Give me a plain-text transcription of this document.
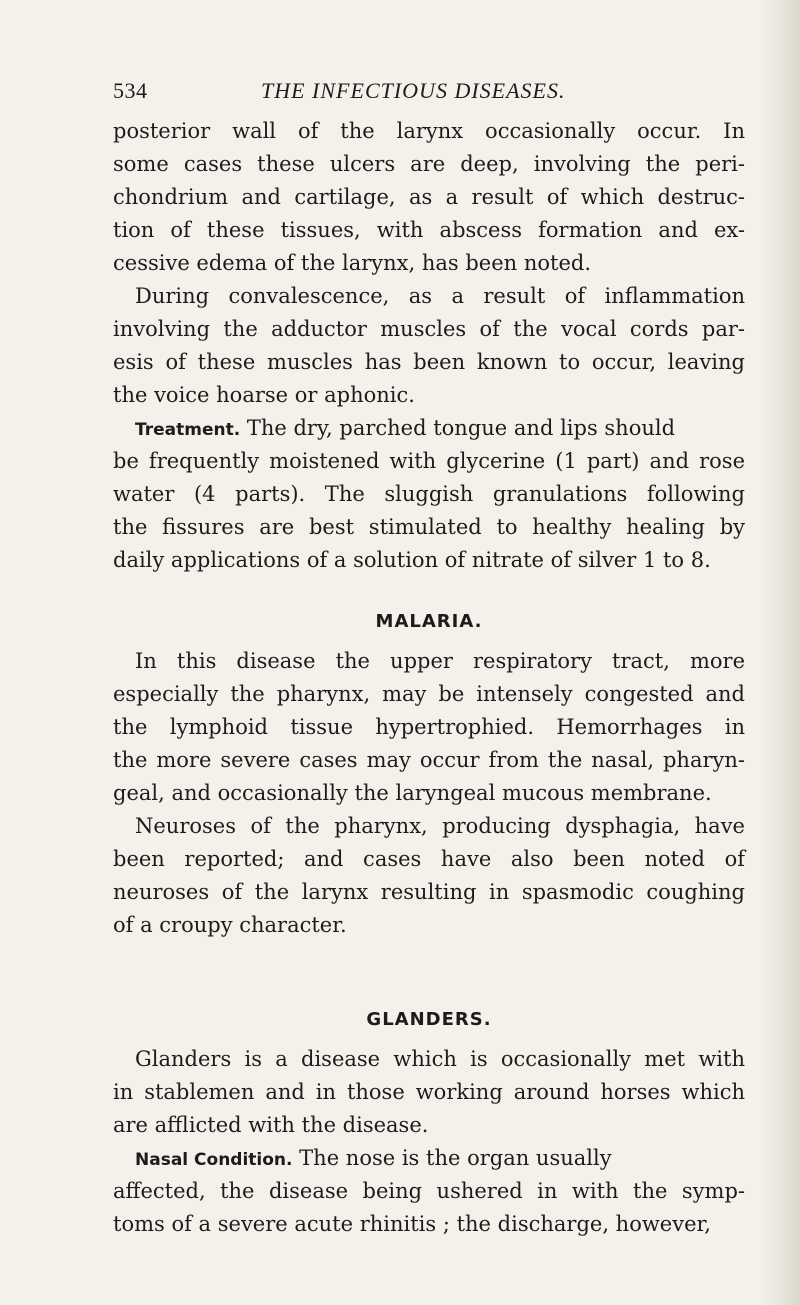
534	THE INFECTIOUS DISEASES.
posterior wall of the larynx occasionally occur. In
some cases these ulcers are deep, involving the peri-
chondrium and cartilage, as a result of which destruc-
tion of these tissues, with abscess formation and ex-
cessive edema of the larynx, has been noted.
During convalescence, as a result of inflammation
involving the adductor muscles of the vocal cords par-
esis of these muscles has been known to occur, leaving
the voice hoarse or aphonic.
Treatment. The dry, parched tongue and lips should
be frequently moistened with glycerine (1 part) and rose
water (4 parts). The sluggish granulations following
the fissures are best stimulated to healthy healing by
daily applications of a solution of nitrate of silver 1 to 8.
MALARIA.
In this disease the upper respiratory tract, more
especially the pharynx, may be intensely congested and
the lymphoid tissue hypertrophied. Hemorrhages in
the more severe cases may occur from the nasal, pharyn-
geal, and occasionally the laryngeal mucous membrane.
Neuroses of the pharynx, producing dysphagia, have
been reported; and cases have also been noted of
neuroses of the larynx resulting in spasmodic coughing
of a croupy character.
GLANDERS.
Glanders is a disease which is occasionally met with
in stablemen and in those working around horses which
are afflicted with the disease.
Nasal Condition. The nose is the organ usually
affected, the disease being ushered in with the symp-
toms of a severe acute rhinitis ; the discharge, however,
